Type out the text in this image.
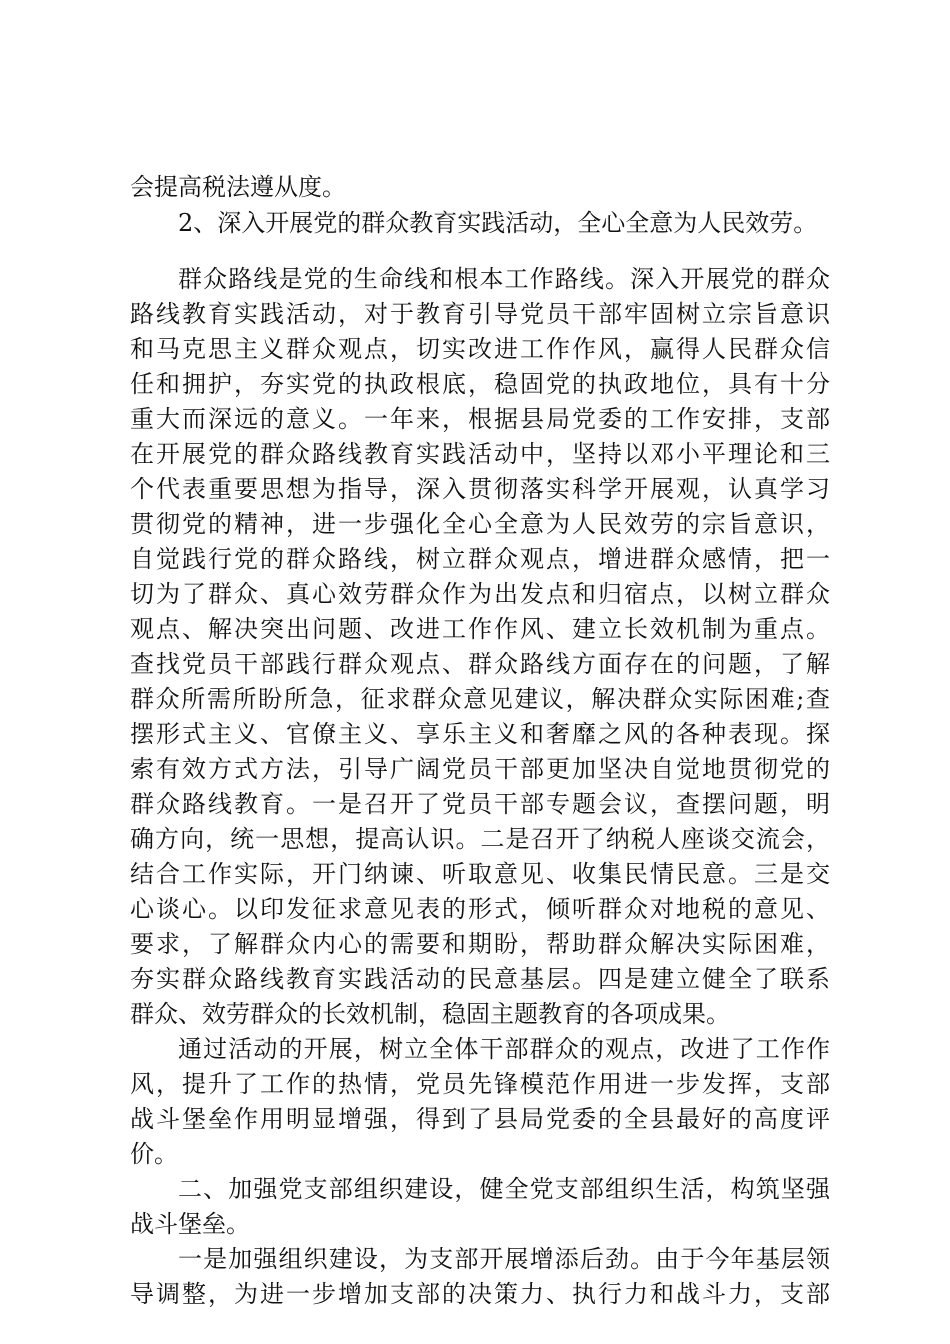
会提高税法遵从度。
2、深入开展党的群众教育实践活动，全心全意为人民效劳。
群众路线是党的生命线和根本工作路线。深入开展党的群众
路线教育实践活动，对于教育引导党员干部牢固树立宗旨意识
和马克思主义群众观点，切实改进工作作风，赢得人民群众信
任和拥护，夯实党的执政根底，稳固党的执政地位，具有十分
重大而深远的意义。一年来，根据县局党委的工作安排，支部
在开展党的群众路线教育实践活动中，坚持以邓小平理论和三
个代表重要思想为指导，深入贯彻落实科学开展观，认真学习
贯彻党的精神，进一步强化全心全意为人民效劳的宗旨意识，
自觉践行党的群众路线，树立群众观点，增进群众感情，把一
切为了群众、真心效劳群众作为出发点和归宿点，以树立群众
观点、解决突出问题、改进工作作风、建立长效机制为重点。
查找党员干部践行群众观点、群众路线方面存在的问题，了解
群众所需所盼所急，征求群众意见建议，解决群众实际困难;查
摆形式主义、官僚主义、享乐主义和奢靡之风的各种表现。探
索有效方式方法，引导广阔党员干部更加坚决自觉地贯彻党的
群众路线教育。一是召开了党员干部专题会议，查摆问题，明
确方向，统一思想，提高认识。二是召开了纳税人座谈交流会，
结合工作实际，开门纳谏、听取意见、收集民情民意。三是交
心谈心。以印发征求意见表的形式，倾听群众对地税的意见、
要求，了解群众内心的需要和期盼，帮助群众解决实际困难，
夯实群众路线教育实践活动的民意基层。四是建立健全了联系
群众、效劳群众的长效机制，稳固主题教育的各项成果。
通过活动的开展，树立全体干部群众的观点，改进了工作作
风，提升了工作的热情，党员先锋模范作用进一步发挥，支部
战斗堡垒作用明显增强，得到了县局党委的全县最好的高度评
价。
二、加强党支部组织建设，健全党支部组织生活，构筑坚强
战斗堡垒。
一是加强组织建设，为支部开展增添后劲。由于今年基层领
导调整，为进一步增加支部的决策力、执行力和战斗力，支部
